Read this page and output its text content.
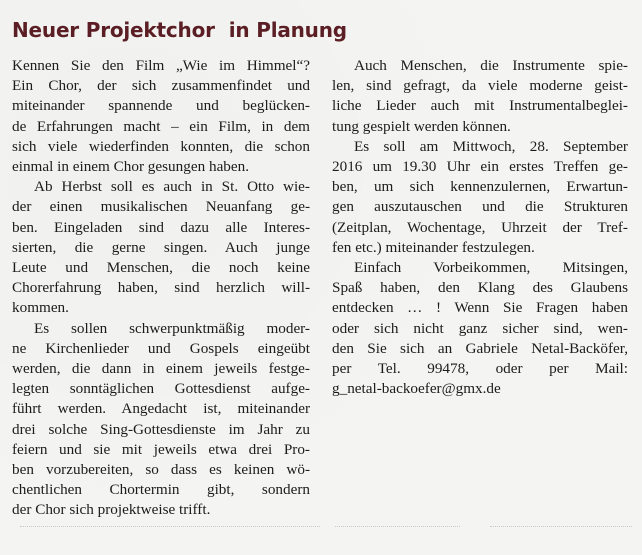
Neuer Projektchor in Planung

Kennen Sie den Film „Wie im Himmel“?
Ein Chor, der sich zusammenfindet und
miteinander spannende und beglücken-
de Erfahrungen macht – ein Film, in dem
sich viele wiederfinden konnten, die schon
einmal in einem Chor gesungen haben.

Ab Herbst soll es auch in St. Otto wie-
der einen musikalischen Neuanfang ge-
ben. Eingeladen sind dazu alle Interes-
sierten, die gerne singen. Auch junge
Leute und Menschen, die noch keine
Chorerfahrung haben, sind herzlich will-
kommen.

Es sollen schwerpunktmäßig moder-
ne Kirchenlieder und Gospels eingeübt
werden, die dann in einem jeweils festge-
legten sonntäglichen Gottesdienst aufge-
führt werden. Angedacht ist, miteinander
drei solche Sing-Gottesdienste im Jahr zu
feiern und sie mit jeweils etwa drei Pro-
ben vorzubereiten, so dass es keinen wö-
chentlichen Chortermin gibt, sondern
der Chor sich projektweise trifft.

Auch Menschen, die Instrumente spie-
len, sind gefragt, da viele moderne geist-
liche Lieder auch mit Instrumentalbeglei-
tung gespielt werden können.

Es soll am Mittwoch, 28. September
2016 um 19.30 Uhr ein erstes Treffen ge-
ben, um sich kennenzulernen, Erwartun-
gen auszutauschen und die Strukturen
(Zeitplan, Wochentage, Uhrzeit der Tref-
fen etc.) miteinander festzulegen.

Einfach Vorbeikommen, Mitsingen,
Spaß haben, den Klang des Glaubens
entdecken … ! Wenn Sie Fragen haben
oder sich nicht ganz sicher sind, wen-
den Sie sich an Gabriele Netal-Backöfer,
per Tel. 99478, oder per Mail:
g_netal-backoefer@gmx.de
